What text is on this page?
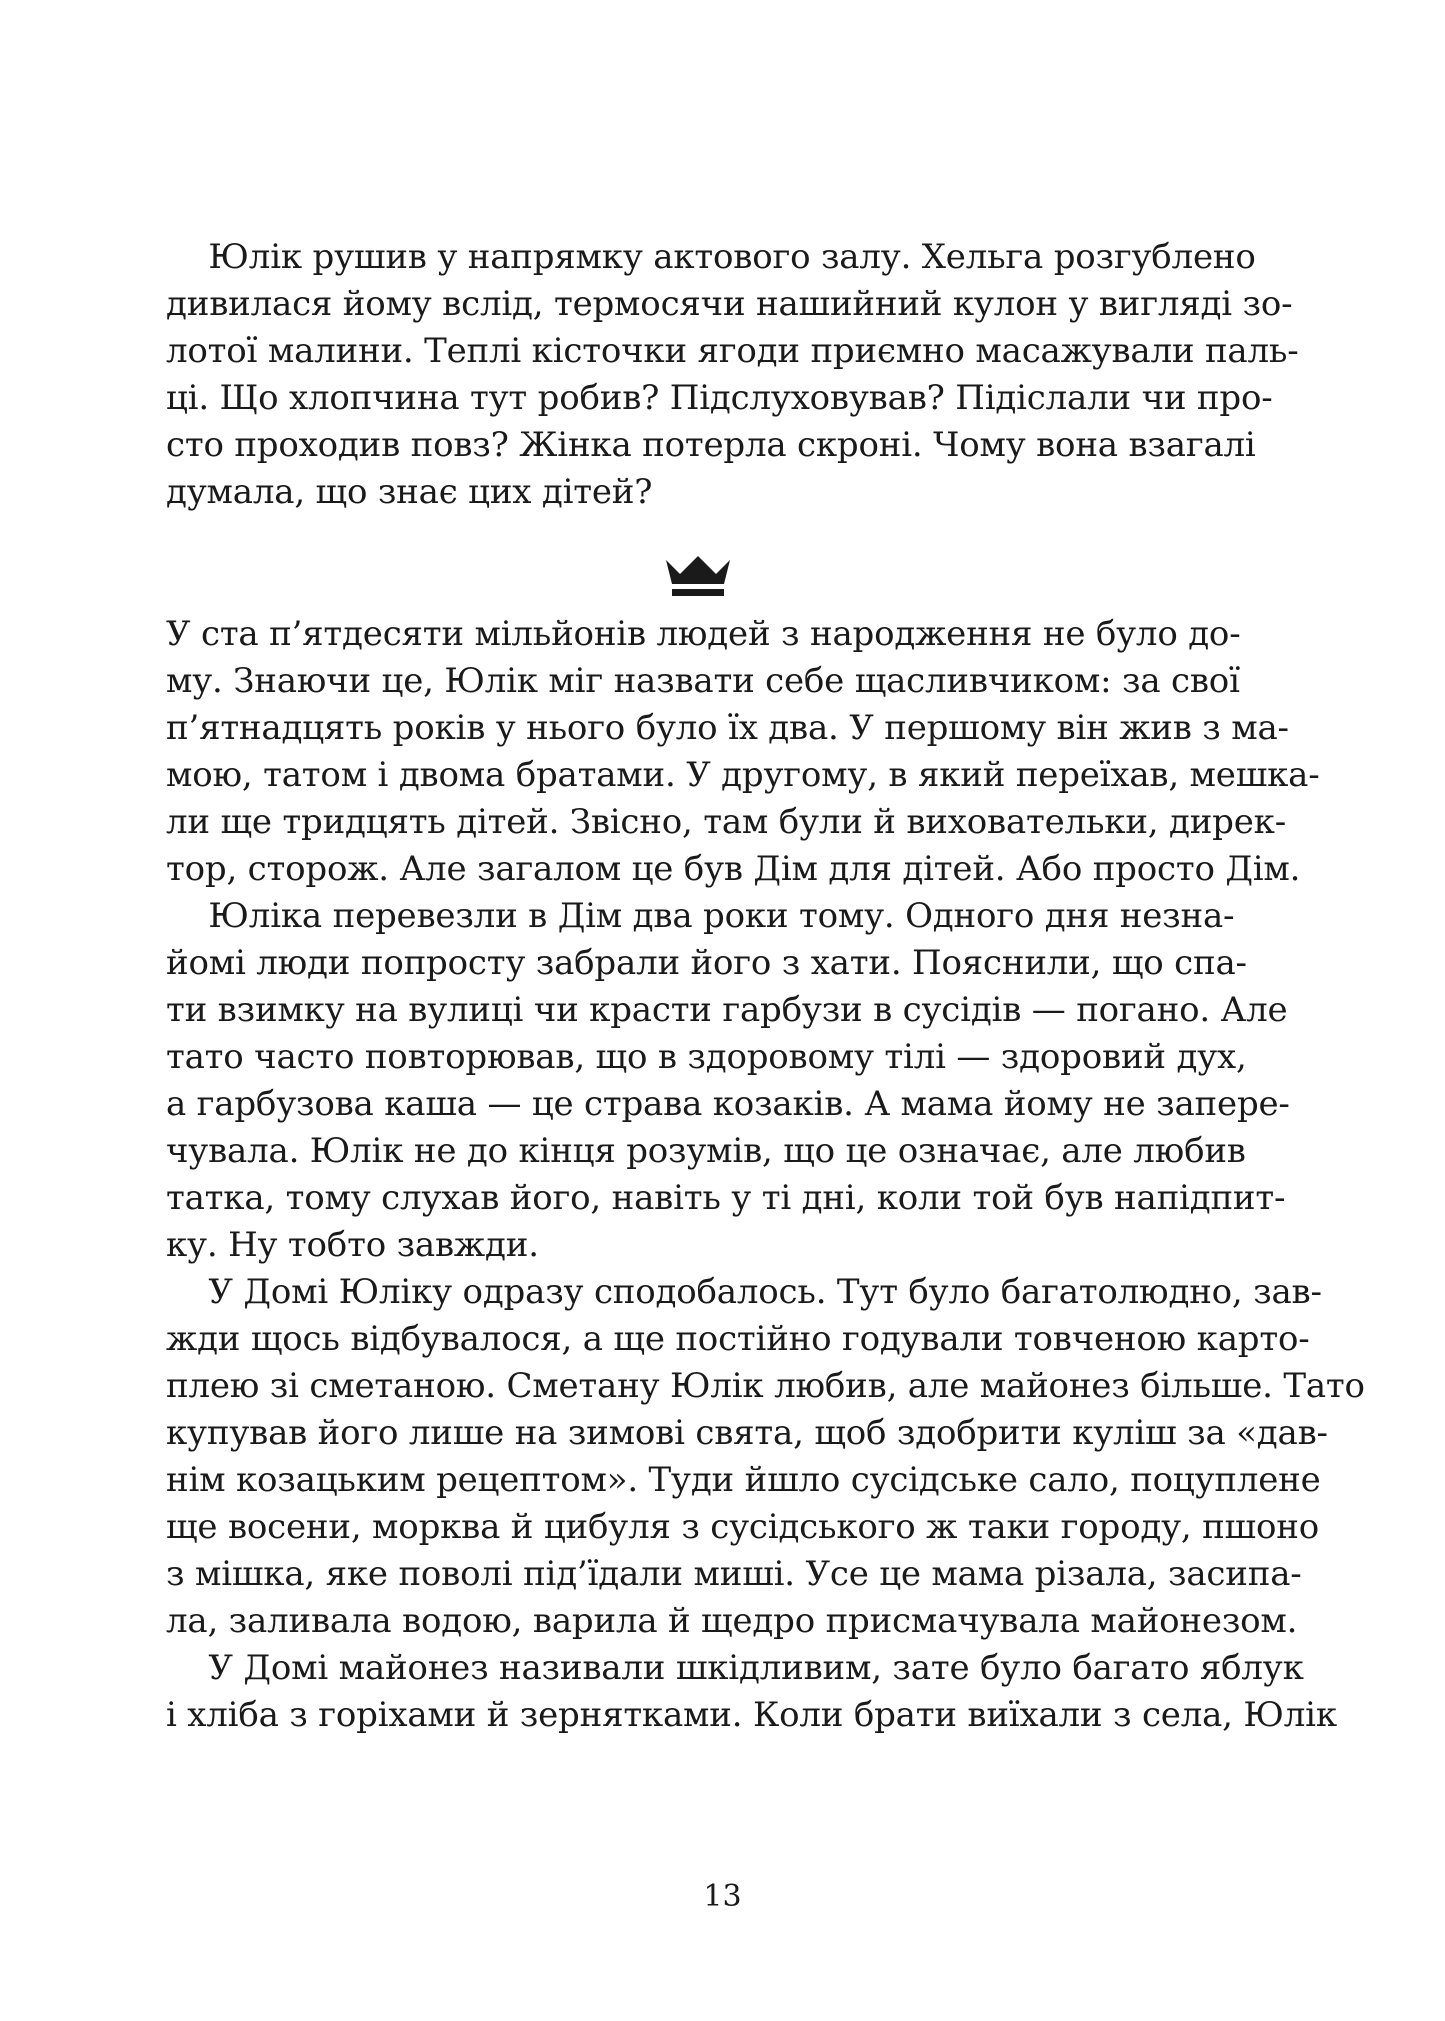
Юлік рушив у напрямку актового залу. Хельга розгублено
дивилася йому вслід, термосячи нашийний кулон у вигляді зо-
лотої малини. Теплі кісточки ягоди приємно масажували паль-
ці. Що хлопчина тут робив? Підслуховував? Підіслали чи про-
сто проходив повз? Жінка потерла скроні. Чому вона взагалі
думала, що знає цих дітей?
У ста п’ятдесяти мільйонів людей з народження не було до-
му. Знаючи це, Юлік міг назвати себе щасливчиком: за свої
п’ятнадцять років у нього було їх два. У першому він жив з ма-
мою, татом і двома братами. У другому, в який переїхав, мешка-
ли ще тридцять дітей. Звісно, там були й виховательки, дирек-
тор, сторож. Але загалом це був Дім для дітей. Або просто Дім.
Юліка перевезли в Дім два роки тому. Одного дня незна-
йомі люди попросту забрали його з хати. Пояснили, що спа-
ти взимку на вулиці чи красти гарбузи в сусідів — погано. Але
тато часто повторював, що в здоровому тілі — здоровий дух,
а гарбузова каша — це страва козаків. А мама йому не запере-
чувала. Юлік не до кінця розумів, що це означає, але любив
татка, тому слухав його, навіть у ті дні, коли той був напідпит-
ку. Ну тобто завжди.
У Домі Юліку одразу сподобалось. Тут було багатолюдно, зав-
жди щось відбувалося, а ще постійно годували товченою карто-
плею зі сметаною. Сметану Юлік любив, але майонез більше. Тато
купував його лише на зимові свята, щоб здобрити куліш за «дав-
нім козацьким рецептом». Туди йшло сусідське сало, поцуплене
ще восени, морква й цибуля з сусідського ж таки городу, пшоно
з мішка, яке поволі під’їдали миші. Усе це мама різала, засипа-
ла, заливала водою, варила й щедро присмачувала майонезом.
У Домі майонез називали шкідливим, зате було багато яблук
і хліба з горіхами й зернятками. Коли брати виїхали з села, Юлік
13
